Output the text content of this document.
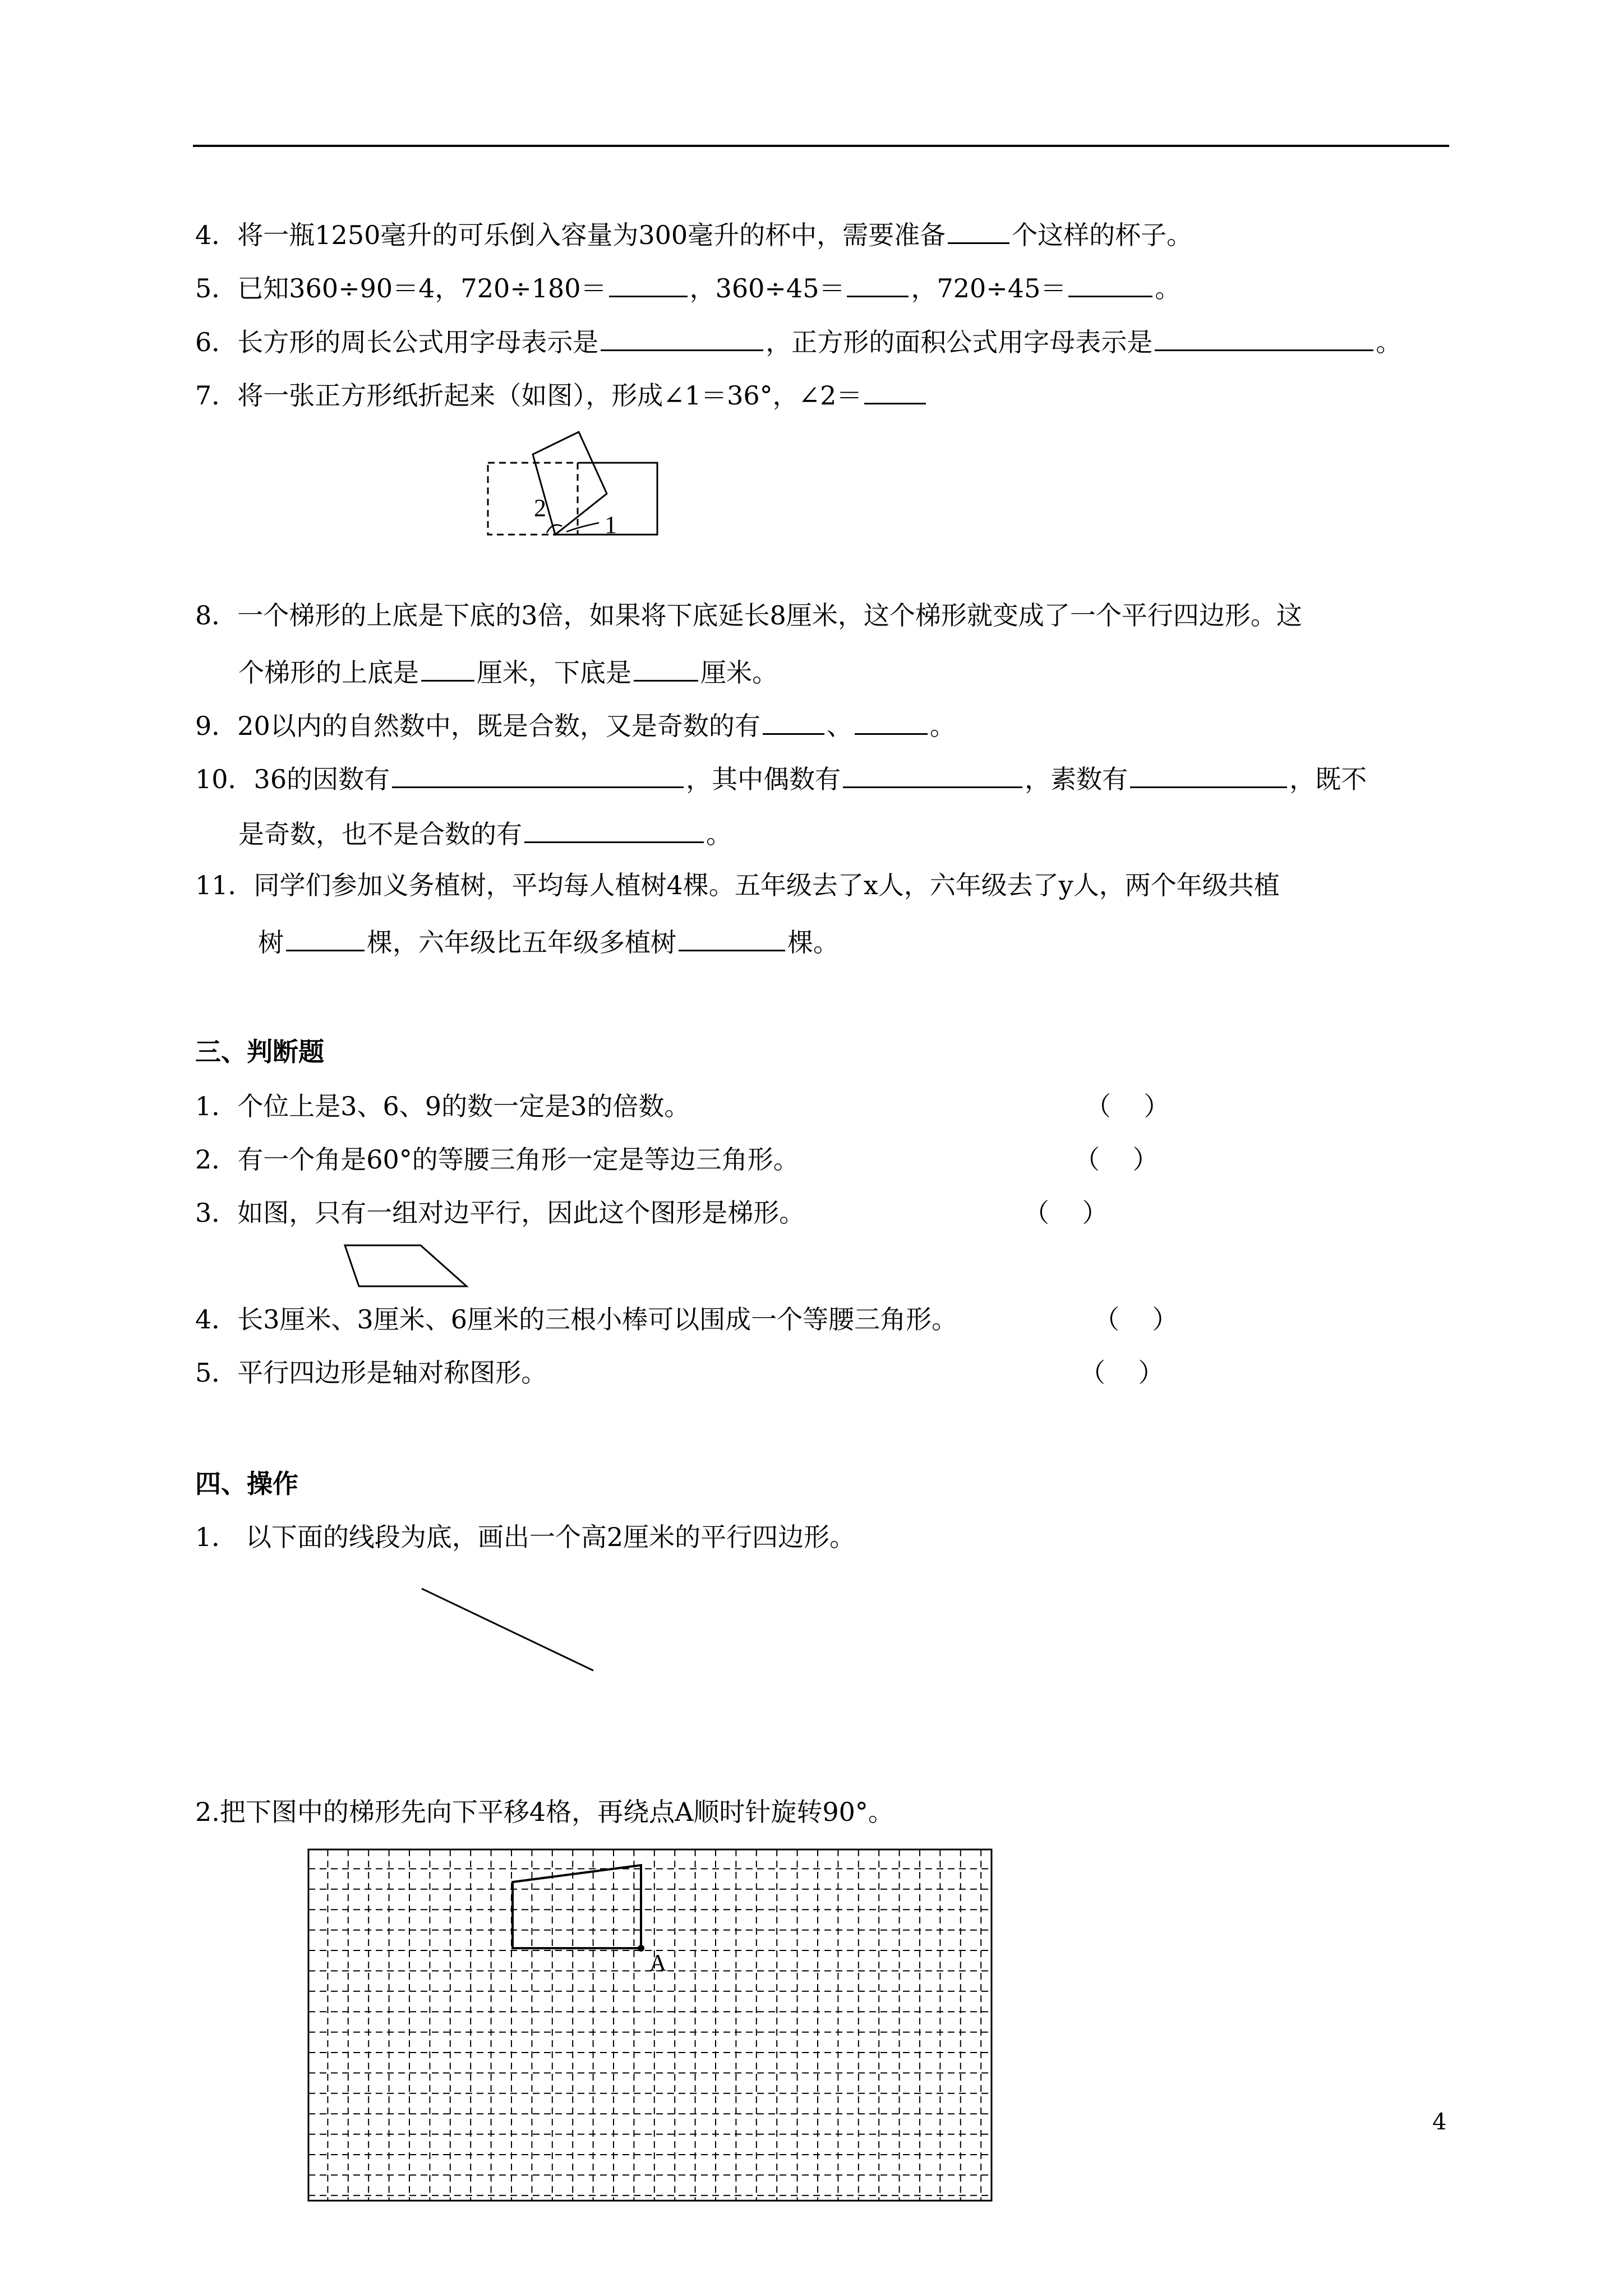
4．将一瓶1250毫升的可乐倒入容量为300毫升的杯中，需要准备	个这样的杯子。
5．已知360÷90＝4，720÷180＝	，360÷45＝	，720÷45＝	。
6．长方形的周长公式用字母表示是	，正方形的面积公式用字母表示是	。
7．将一张正方形纸折起来（如图），形成∠1＝36°，∠2＝
2
1
8．一个梯形的上底是下底的3倍，如果将下底延长8厘米，这个梯形就变成了一个平行四边形。这
个梯形的上底是 厘米，下底是	厘米。
9．20以内的自然数中，既是合数，又是奇数的有	、	。
10．36的因数有	，其中偶数有	，素数有	，既不
是奇数，也不是合数的有	。
11．同学们参加义务植树，平均每人植树4棵。五年级去了x人，六年级去了y人，两个年级共植
树	棵，六年级比五年级多植树	棵。
三、判断题
1．个位上是3、6、9的数一定是3的倍数。	（    ）
2．有一个角是60°的等腰三角形一定是等边三角形。	（    ）
3．如图，只有一组对边平行，因此这个图形是梯形。	（    ）
4．长3厘米、3厘米、6厘米的三根小棒可以围成一个等腰三角形。	（    ）
5．平行四边形是轴对称图形。	（    ）
四、操作
1． 以下面的线段为底，画出一个高2厘米的平行四边形。
2.把下图中的梯形先向下平移4格，再绕点A顺时针旋转90°。
A
4
